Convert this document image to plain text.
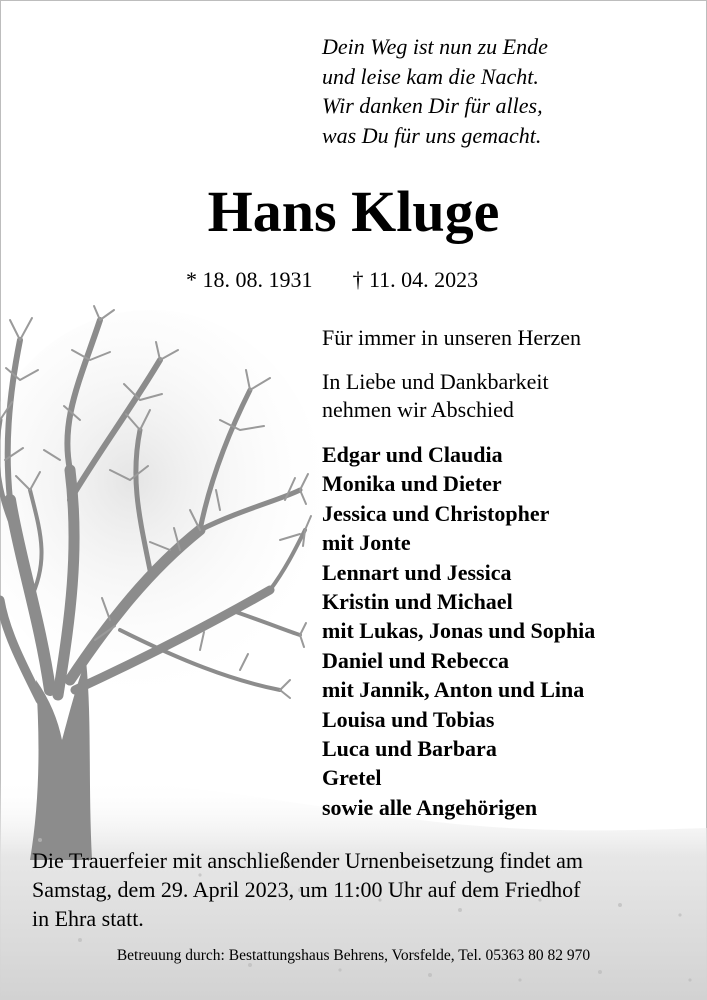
Dein Weg ist nun zu Ende
und leise kam die Nacht.
Wir danken Dir für alles,
was Du für uns gemacht.
Hans Kluge
* 18. 08. 1931 † 11. 04. 2023
Für immer in unseren Herzen
In Liebe und Dankbarkeit
nehmen wir Abschied
Edgar und Claudia
Monika und Dieter
Jessica und Christopher
mit Jonte
Lennart und Jessica
Kristin und Michael
mit Lukas, Jonas und Sophia
Daniel und Rebecca
mit Jannik, Anton und Lina
Louisa und Tobias
Luca und Barbara
Gretel
sowie alle Angehörigen
Die Trauerfeier mit anschließender Urnenbeisetzung findet am
Samstag, dem 29. April 2023, um 11:00 Uhr auf dem Friedhof
in Ehra statt.
Betreuung durch: Bestattungshaus Behrens, Vorsfelde, Tel. 05363 80 82 970
